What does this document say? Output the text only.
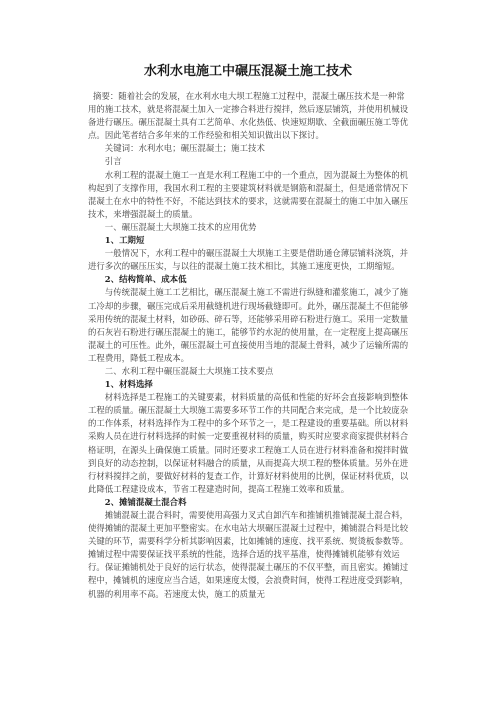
水利水电施工中碾压混凝土施工技术

摘要：随着社会的发展，在水利水电大坝工程施工过程中，混凝土碾压技术是一种常用的施工技术，就是将混凝土加入一定掺合料进行搅拌，然后逐层铺筑，并使用机械设备进行碾压。碾压混凝土具有工艺简单、水化热低、快速短期歇、全截面碾压施工等优点。因此笔者结合多年来的工作经验和相关知识做出以下探讨。

关键词：水利水电；碾压混凝土；施工技术

引言

水利工程的混凝土施工一直是水利工程施工中的一个重点，因为混凝土为整体的机构起到了支撑作用，我国水利工程的主要建筑材料就是钢筋和混凝土，但是通常情况下混凝土在水中的特性不好，不能达到技术的要求，这就需要在混凝土的施工中加入碾压技术，来增强混凝土的质量。

一、碾压混凝土大坝施工技术的应用优势

1、工期短

一般情况下，水利工程中的碾压混凝土大坝施工主要是借助通仓薄层铺料浇筑，并进行多次的碾压压实，与以往的混凝土施工技术相比，其施工速度更快，工期缩短。

2、结构简单、成本低

与传统混凝土施工工艺相比，碾压混凝土施工不需进行纵缝和灌浆施工，减少了施工冷却的步骤，碾压完成后采用截缝机进行现场截缝即可。此外，碾压混凝土不但能够采用传统的混凝土材料，如砂砾、碎石等，还能够采用碎石粉进行施工。采用一定数量的石灰岩石粉进行碾压混凝土的施工，能够节约水泥的使用量，在一定程度上提高碾压混凝土的可压性。此外，碾压混凝土可直接使用当地的混凝土骨料，减少了运输所需的工程费用，降低工程成本。

二、水利工程中碾压混凝土大坝施工技术要点

1、材料选择

材料选择是工程施工的关键要素，材料质量的高低和性能的好坏会直接影响到整体工程的质量。碾压混凝土大坝施工需要多环节工作的共同配合来完成，是一个比较庞杂的工作体系，材料选择作为工程中的多个环节之一，是工程建设的重要基础。所以材料采购人员在进行材料选择的时候一定要重视材料的质量，购买时应要求商家提供材料合格证明，在源头上确保施工质量。同时还要求工程施工人员在进行材料准备和搅拌时做到良好的动态控制，以保证材料融合的质量，从而提高大坝工程的整体质量。另外在进行材料搅拌之前，要做好材料的复查工作，计算好材料使用的比例，保证材料优质，以此降低工程建设成本，节省工程建造时间，提高工程施工效率和质量。

2、摊铺混凝土混合料

摊铺混凝土混合料时，需要使用高强力叉式自卸汽车和推铺机推铺混凝土混合料，使得摊铺的混凝土更加平整密实。在水电站大坝碾压混凝土过程中，摊铺混合料是比较关键的环节，需要科学分析其影响因素，比如摊铺的速度、找平系统、熨烫板参数等。摊铺过程中需要保证找平系统的性能，选择合适的找平基准，使得摊铺机能够有效运行。保证摊铺机处于良好的运行状态，使得混凝土碾压的不仅平整，而且密实。摊铺过程中，摊铺机的速度应当合适，如果速度太慢，会浪费时间，使得工程进度受到影响，机器的利用率不高。若速度太快，施工的质量无
